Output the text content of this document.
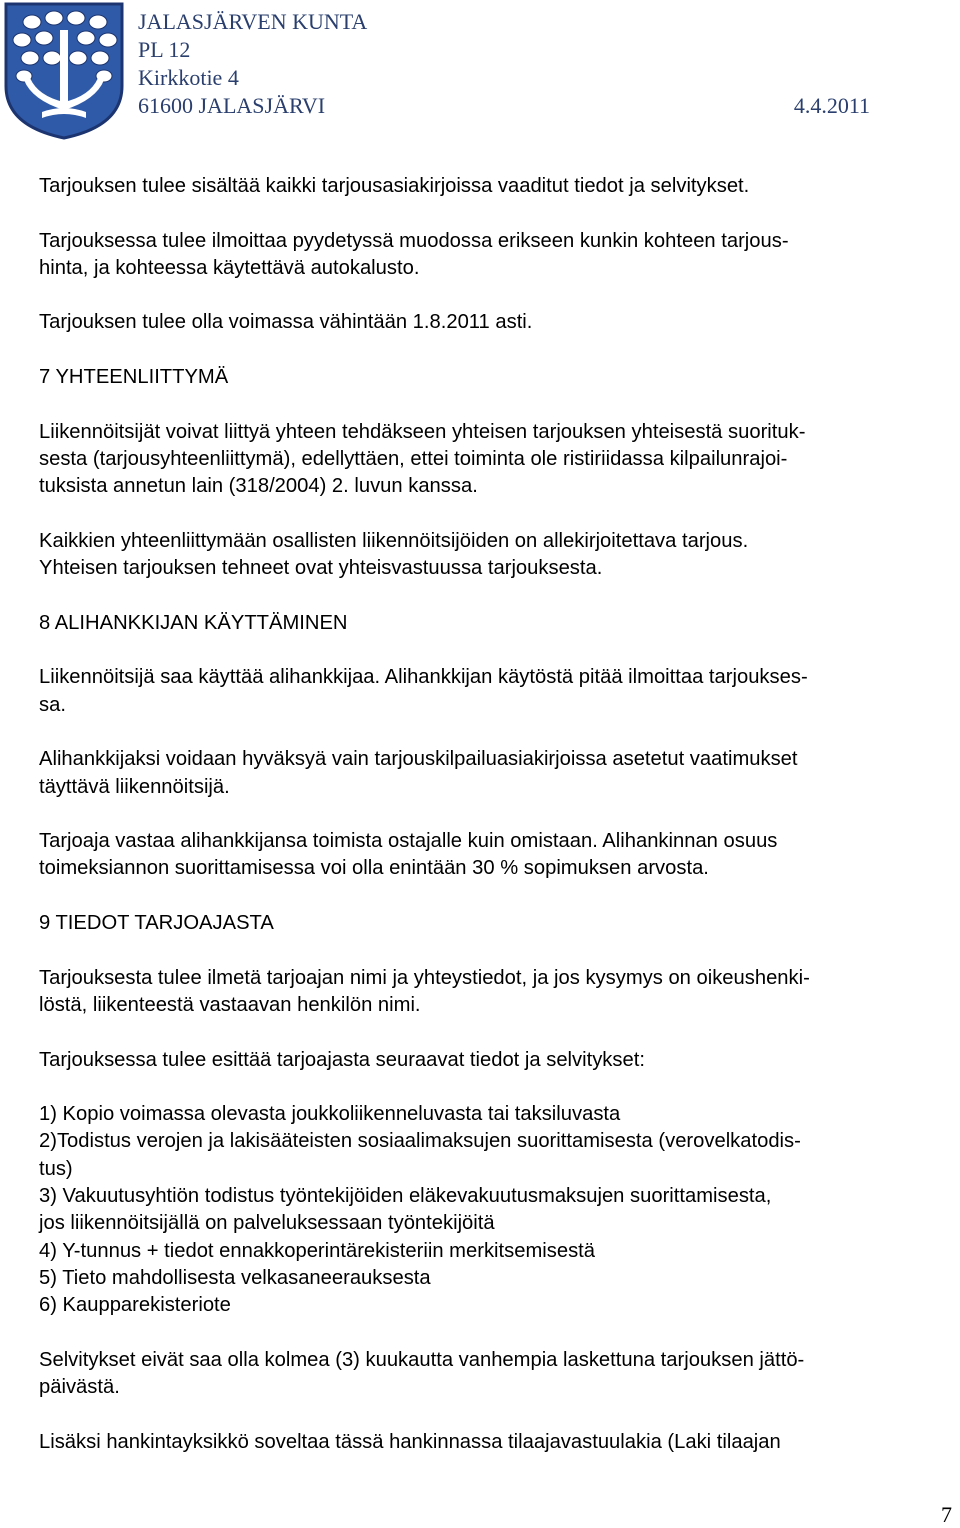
JALASJÄRVEN KUNTA
PL 12
Kirkkotie 4
61600 JALASJÄRVI	4.4.2011

Tarjouksen tulee sisältää kaikki tarjousasiakirjoissa vaaditut tiedot ja selvitykset.

Tarjouksessa tulee ilmoittaa pyydetyssä muodossa erikseen kunkin kohteen tarjous-

hinta, ja kohteessa käytettävä autokalusto.

Tarjouksen tulee olla voimassa vähintään 1.8.2011 asti.

7 YHTEENLIITTYMÄ

Liikennöitsijät voivat liittyä yhteen tehdäkseen yhteisen tarjouksen yhteisestä suorituk-

sesta (tarjousyhteenliittymä), edellyttäen, ettei toiminta ole ristiriidassa kilpailunrajoi-

tuksista annetun lain (318/2004) 2. luvun kanssa.

Kaikkien yhteenliittymään osallisten liikennöitsijöiden on allekirjoitettava tarjous.

Yhteisen tarjouksen tehneet ovat yhteisvastuussa tarjouksesta.

8 ALIHANKKIJAN KÄYTTÄMINEN

Liikennöitsijä saa käyttää alihankkijaa. Alihankkijan käytöstä pitää ilmoittaa tarjoukses-

sa.

Alihankkijaksi voidaan hyväksyä vain tarjouskilpailuasiakirjoissa asetetut vaatimukset

täyttävä liikennöitsijä.

Tarjoaja vastaa alihankkijansa toimista ostajalle kuin omistaan. Alihankinnan osuus

toimeksiannon suorittamisessa voi olla enintään 30 % sopimuksen arvosta.

9 TIEDOT TARJOAJASTA

Tarjouksesta tulee ilmetä tarjoajan nimi ja yhteystiedot, ja jos kysymys on oikeushenki-

löstä, liikenteestä vastaavan henkilön nimi.

Tarjouksessa tulee esittää tarjoajasta seuraavat tiedot ja selvitykset:

1) Kopio voimassa olevasta joukkoliikenneluvasta tai taksiluvasta

2)Todistus verojen ja lakisääteisten sosiaalimaksujen suorittamisesta (verovelkatodis-

tus)

3) Vakuutusyhtiön todistus työntekijöiden eläkevakuutusmaksujen suorittamisesta,

jos liikennöitsijällä on palveluksessaan työntekijöitä

4) Y-tunnus + tiedot ennakkoperintärekisteriin merkitsemisestä

5) Tieto mahdollisesta velkasaneerauksesta

6) Kaupparekisteriote

Selvitykset eivät saa olla kolmea (3) kuukautta vanhempia laskettuna tarjouksen jättö-

päivästä.

Lisäksi hankintayksikkö soveltaa tässä hankinnassa tilaajavastuulakia (Laki tilaajan

7
